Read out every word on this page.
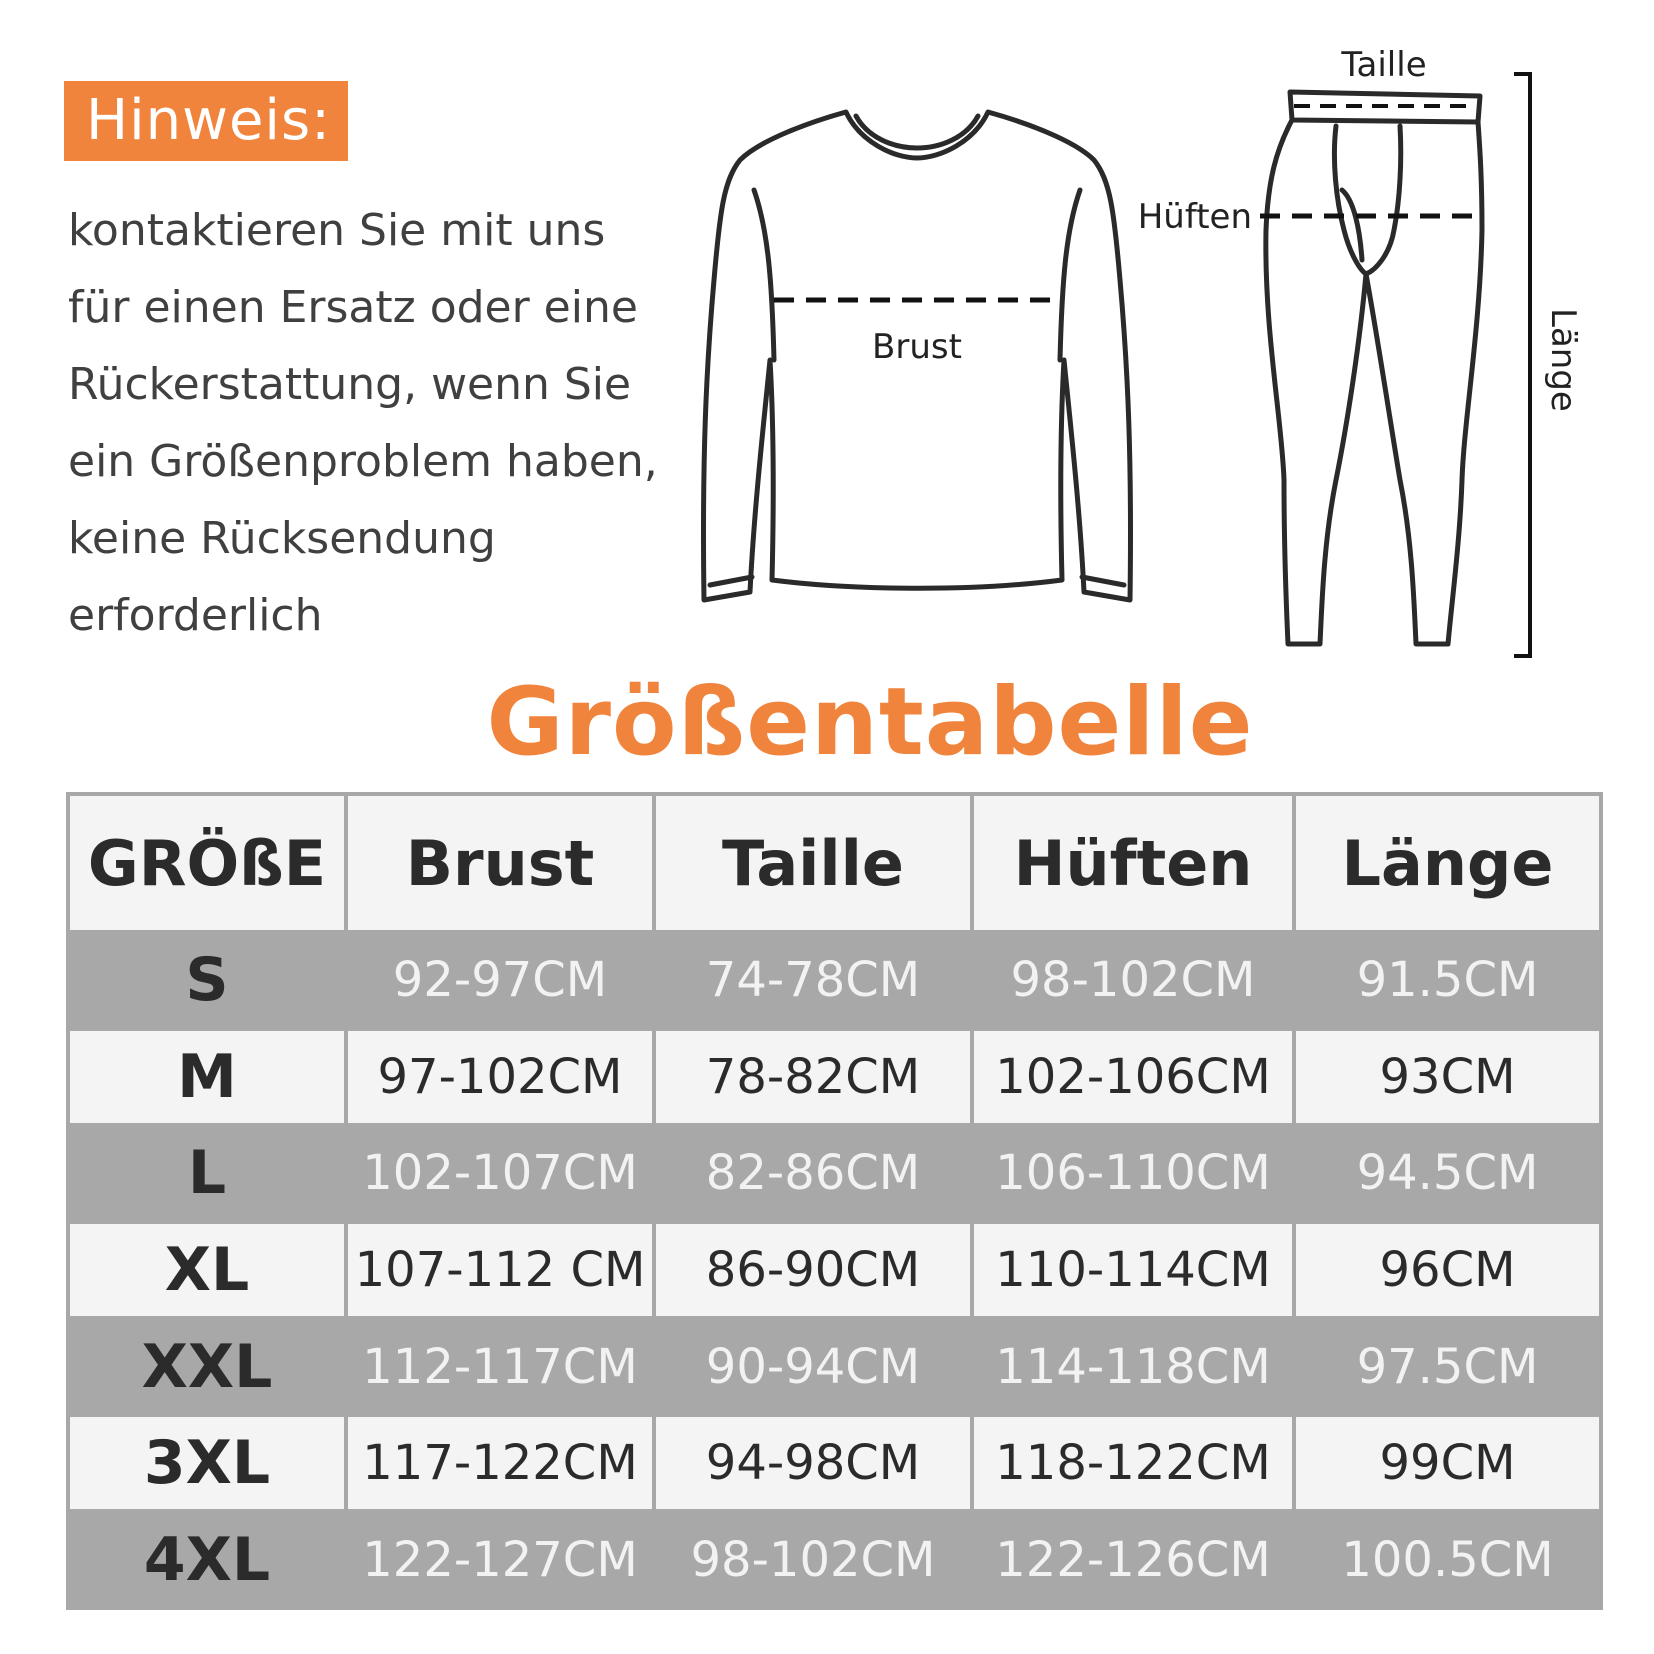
Hinweis:
kontaktieren Sie mit uns
für einen Ersatz oder eine
Rückerstattung, wenn Sie
ein Größenproblem haben,
keine Rücksendung
erforderlich
Brust
Taille
Hüften
Länge
Größentabelle
GRÖßE	Brust	Taille	Hüften	Länge
S	92-97CM	74-78CM	98-102CM	91.5CM
M	97-102CM	78-82CM	102-106CM	93CM
L	102-107CM	82-86CM	106-110CM	94.5CM
XL	107-112 CM	86-90CM	110-114CM	96CM
XXL	112-117CM	90-94CM	114-118CM	97.5CM
3XL	117-122CM	94-98CM	118-122CM	99CM
4XL	122-127CM	98-102CM	122-126CM	100.5CM
